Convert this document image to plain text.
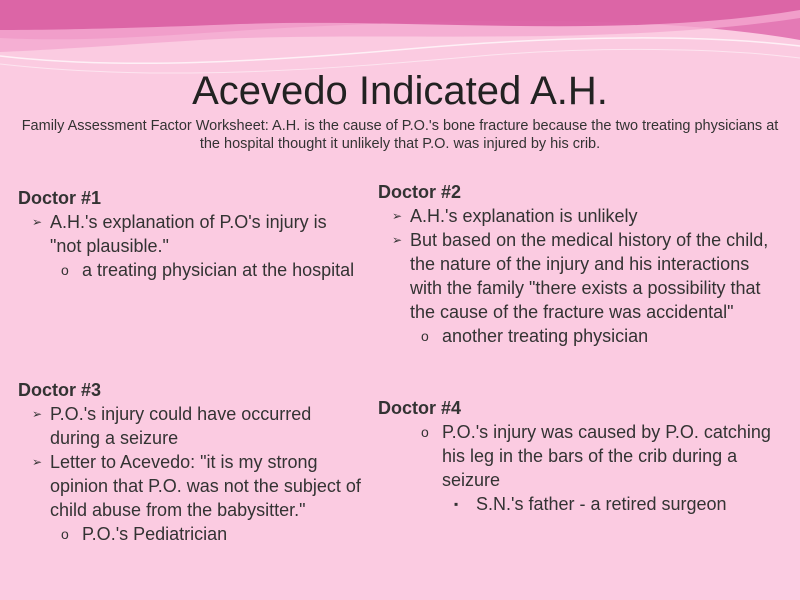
Acevedo Indicated A.H.

Family Assessment Factor Worksheet: A.H. is the cause of P.O.'s bone fracture because the two treating physicians at the hospital thought it unlikely that P.O. was injured by his crib.

Doctor #1
➢ A.H.'s explanation of P.O's injury is "not plausible."
o a treating physician at the hospital
Doctor #2
➢ A.H.'s explanation is unlikely
➢ But based on the medical history of the child, the nature of the injury and his interactions with the family "there exists a possibility that the cause of the fracture was accidental"
o another treating physician
Doctor #3
➢ P.O.'s injury could have occurred during a seizure
➢ Letter to Acevedo: "it is my strong opinion that P.O. was not the subject of child abuse from the babysitter."
o P.O.'s Pediatrician
Doctor #4
o P.O.'s injury was caused by P.O. catching his leg in the bars of the crib during a seizure
▪ S.N.'s father - a retired surgeon
